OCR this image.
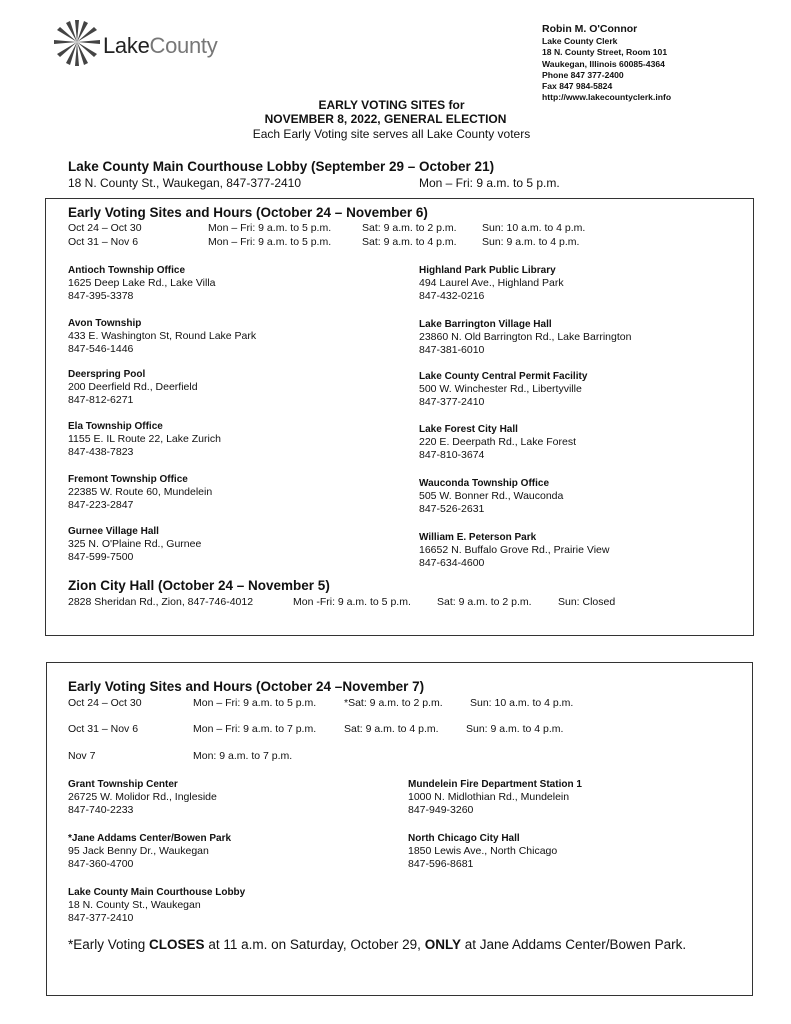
LakeCounty
Robin M. O'Connor
Lake County Clerk
18 N. County Street, Room 101
Waukegan, Illinois 60085-4364
Phone 847 377-2400
Fax 847 984-5824
http://www.lakecountyclerk.info
EARLY VOTING SITES for
NOVEMBER 8, 2022, GENERAL ELECTION
Each Early Voting site serves all Lake County voters
Lake County Main Courthouse Lobby (September 29 – October 21)
18 N. County St., Waukegan, 847-377-2410	Mon – Fri: 9 a.m. to 5 p.m.
Early Voting Sites and Hours (October 24 – November 6)
Oct 24 – Oct 30	Mon – Fri: 9 a.m. to 5 p.m.	Sat: 9 a.m. to 2 p.m. Sun: 10 a.m. to 4 p.m.
Oct 31 – Nov 6	Mon – Fri: 9 a.m. to 5 p.m.	Sat: 9 a.m. to 4 p.m. Sun: 9 a.m. to 4 p.m.
Antioch Township Office
1625 Deep Lake Rd., Lake Villa
847-395-3378
Avon Township
433 E. Washington St, Round Lake Park
847-546-1446
Deerspring Pool
200 Deerfield Rd., Deerfield
847-812-6271
Ela Township Office
1155 E. IL Route 22, Lake Zurich
847-438-7823
Fremont Township Office
22385 W. Route 60, Mundelein
847-223-2847
Gurnee Village Hall
325 N. O'Plaine Rd., Gurnee
847-599-7500
Highland Park Public Library
494 Laurel Ave., Highland Park
847-432-0216
Lake Barrington Village Hall
23860 N. Old Barrington Rd., Lake Barrington
847-381-6010
Lake County Central Permit Facility
500 W. Winchester Rd., Libertyville
847-377-2410
Lake Forest City Hall
220 E. Deerpath Rd., Lake Forest
847-810-3674
Wauconda Township Office
505 W. Bonner Rd., Wauconda
847-526-2631
William E. Peterson Park
16652 N. Buffalo Grove Rd., Prairie View
847-634-4600
Zion City Hall (October 24 – November 5)
2828 Sheridan Rd., Zion, 847-746-4012	Mon -Fri: 9 a.m. to 5 p.m. Sat: 9 a.m. to 2 p.m.	Sun: Closed
Early Voting Sites and Hours (October 24 –November 7)
Oct 24 – Oct 30	Mon – Fri: 9 a.m. to 5 p.m.	*Sat: 9 a.m. to 2 p.m.	Sun: 10 a.m. to 4 p.m.
Oct 31 – Nov 6	Mon – Fri: 9 a.m. to 7 p.m.	Sat: 9 a.m. to 4 p.m.	Sun: 9 a.m. to 4 p.m.
Nov 7	Mon: 9 a.m. to 7 p.m.
Grant Township Center
26725 W. Molidor Rd., Ingleside
847-740-2233
*Jane Addams Center/Bowen Park
95 Jack Benny Dr., Waukegan
847-360-4700
Lake County Main Courthouse Lobby
18 N. County St., Waukegan
847-377-2410
Mundelein Fire Department Station 1
1000 N. Midlothian Rd., Mundelein
847-949-3260
North Chicago City Hall
1850 Lewis Ave., North Chicago
847-596-8681
*Early Voting CLOSES at 11 a.m. on Saturday, October 29, ONLY at Jane Addams Center/Bowen Park.
